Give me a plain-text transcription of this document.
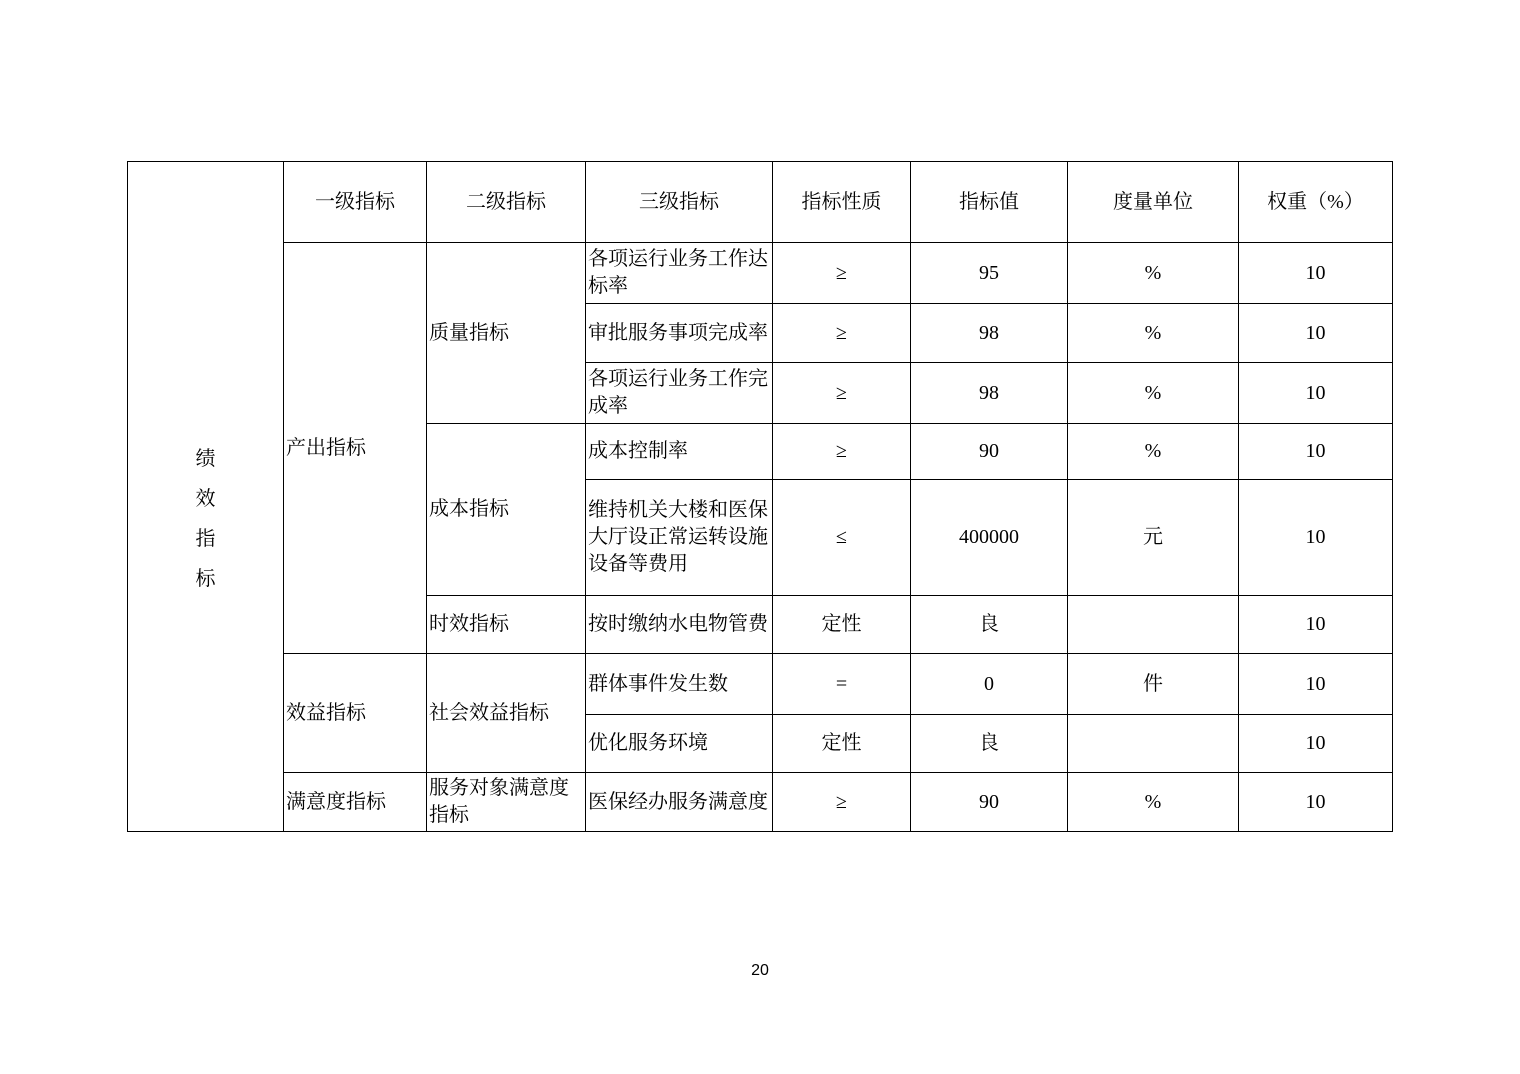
绩
效
指
标	一级指标	二级指标	三级指标	指标性质	指标值	度量单位	权重（%）
	产出指标	质量指标	各项运行业务工作达标率	≥	95	%	10
			审批服务事项完成率	≥	98	%	10
			各项运行业务工作完成率	≥	98	%	10
		成本指标	成本控制率	≥	90	%	10
			维持机关大楼和医保大厅设正常运转设施设备等费用	≤	400000	元	10
		时效指标	按时缴纳水电物管费	定性	良		10
	效益指标	社会效益指标	群体事件发生数	=	0	件	10
			优化服务环境	定性	良		10
	满意度指标	服务对象满意度指标	医保经办服务满意度	≥	90	%	10
20
